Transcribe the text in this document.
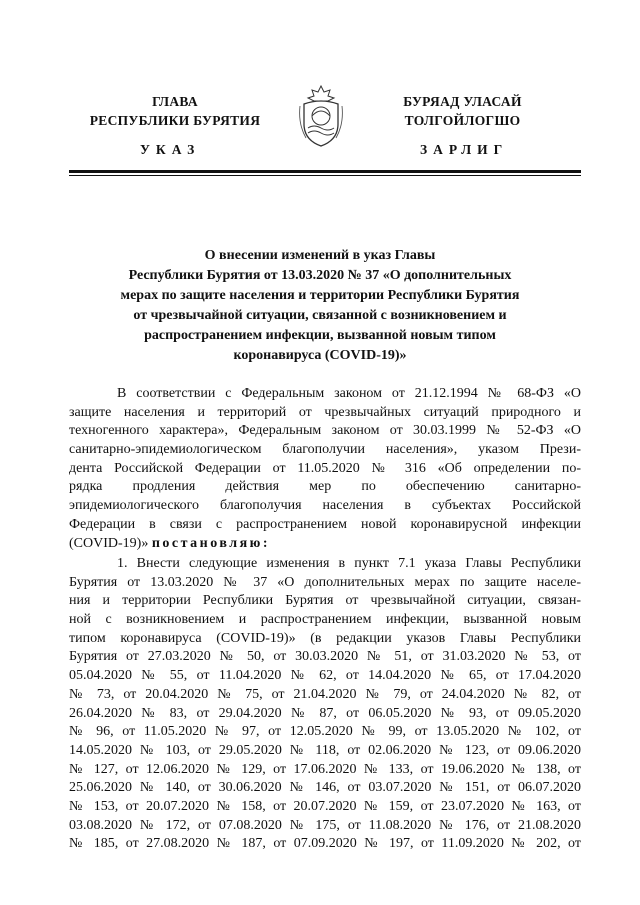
ГЛАВА
РЕСПУБЛИКИ БУРЯТИЯ
УКАЗ
БУРЯАД УЛАСАЙ
ТОЛГОЙЛОГШО
ЗАРЛИГ
О внесении изменений в указ Главы
Республики Бурятия от 13.03.2020 № 37 «О дополнительных
мерах по защите населения и территории Республики Бурятия
от чрезвычайной ситуации, связанной с возникновением и
распространением инфекции, вызванной новым типом
коронавируса (COVID-19)»
В соответствии с Федеральным законом от 21.12.1994 № 68-ФЗ «О
защите населения и территорий от чрезвычайных ситуаций природного и
техногенного характера», Федеральным законом от 30.03.1999 № 52-ФЗ «О
санитарно-эпидемиологическом благополучии населения», указом Прези-
дента Российской Федерации от 11.05.2020 № 316 «Об определении по-
рядка продления действия мер по обеспечению санитарно-
эпидемиологического благополучия населения в субъектах Российской
Федерации в связи с распространением новой коронавирусной инфекции
(COVID-19)» постановляю:
1. Внести следующие изменения в пункт 7.1 указа Главы Республики
Бурятия от 13.03.2020 № 37 «О дополнительных мерах по защите населе-
ния и территории Республики Бурятия от чрезвычайной ситуации, связан-
ной с возникновением и распространением инфекции, вызванной новым
типом коронавируса (COVID-19)» (в редакции указов Главы Республики
Бурятия от 27.03.2020 № 50, от 30.03.2020 № 51, от 31.03.2020 № 53, от
05.04.2020 № 55, от 11.04.2020 № 62, от 14.04.2020 № 65, от 17.04.2020
№ 73, от 20.04.2020 № 75, от 21.04.2020 № 79, от 24.04.2020 № 82, от
26.04.2020 № 83, от 29.04.2020 № 87, от 06.05.2020 № 93, от 09.05.2020
№ 96, от 11.05.2020 № 97, от 12.05.2020 № 99, от 13.05.2020 № 102, от
14.05.2020 № 103, от 29.05.2020 № 118, от 02.06.2020 № 123, от 09.06.2020
№ 127, от 12.06.2020 № 129, от 17.06.2020 № 133, от 19.06.2020 № 138, от
25.06.2020 № 140, от 30.06.2020 № 146, от 03.07.2020 № 151, от 06.07.2020
№ 153, от 20.07.2020 № 158, от 20.07.2020 № 159, от 23.07.2020 № 163, от
03.08.2020 № 172, от 07.08.2020 № 175, от 11.08.2020 № 176, от 21.08.2020
№ 185, от 27.08.2020 № 187, от 07.09.2020 № 197, от 11.09.2020 № 202, от
